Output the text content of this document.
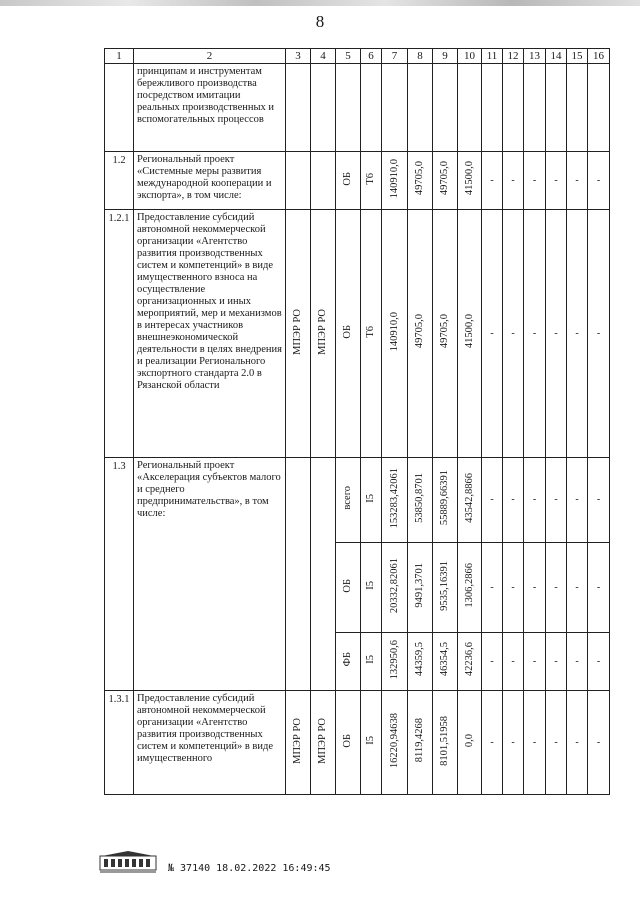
8
1	2	3	4	5	6	7	8	9	10	11	12	13	14	15	16
	принципам и инструментам бережливого производства посредством имитации реальных производственных и вспомогательных процессов														
1.2	Региональный проект «Системные меры развития международной кооперации и экспорта», в том числе:			ОБ	Т6	140910,0	49705,0	49705,0	41500,0	-	-	-	-	-	-
1.2.1	Предоставление субсидий автономной некоммерческой организации «Агентство развития производственных систем и компетенций» в виде имущественного взноса на осуществление организационных и иных мероприятий, мер и механизмов в интересах участников внешнеэкономической деятельности в целях внедрения и реализации Регионального экспортного стандарта 2.0 в Рязанской области	МПЭР РО	МПЭР РО	ОБ	Т6	140910,0	49705,0	49705,0	41500,0	-	-	-	-	-	-
1.3	Региональный проект «Акселерация субъектов малого и среднего предпринимательства», в том числе:			всего	I5	153283,42061	53850,8701	55889,66391	43542,8866	-	-	-	-	-	-
				ОБ	I5	20332,82061	9491,3701	9535,16391	1306,2866	-	-	-	-	-	-
				ФБ	I5	132950,6	44359,5	46354,5	42236,6	-	-	-	-	-	-
1.3.1	Предоставление субсидий автономной некоммерческой организации «Агентство развития производственных систем и компетенций» в виде имущественного	МПЭР РО	МПЭР РО	ОБ	I5	16220,94638	8119,4268	8101,51958	0,0	-	-	-	-	-	-
№ 37140 18.02.2022 16:49:45
